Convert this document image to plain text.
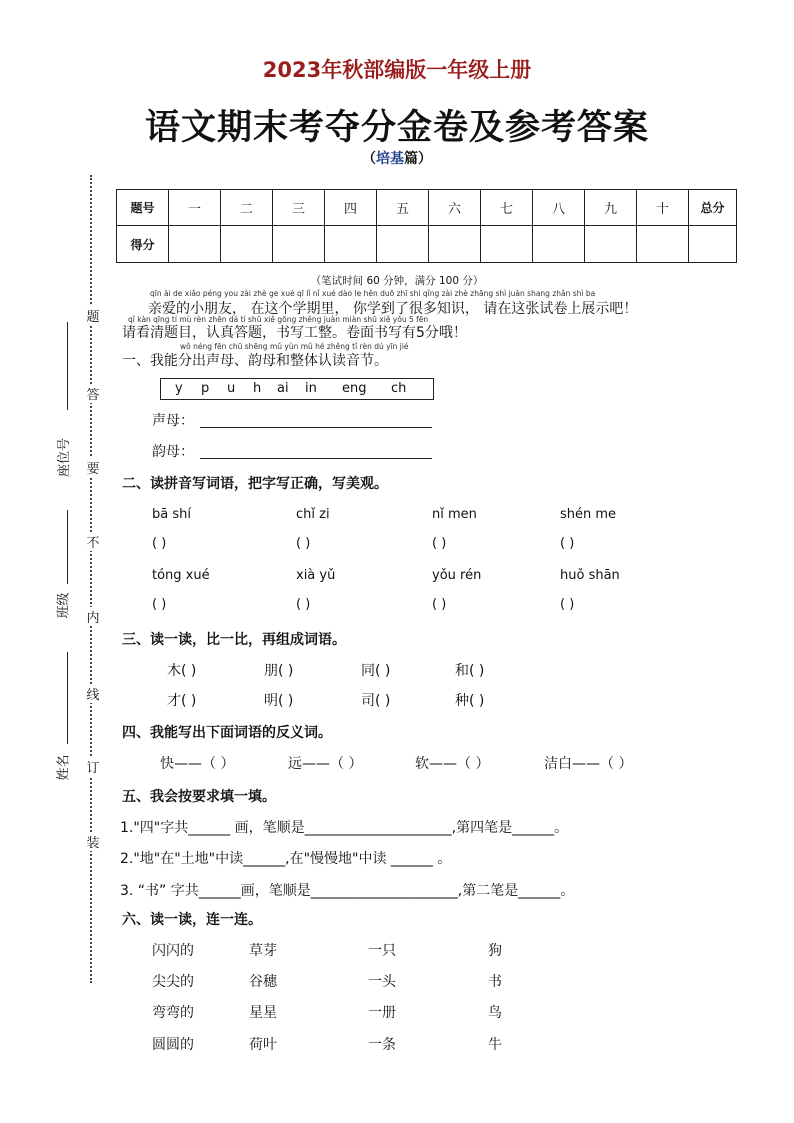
2023年秋部编版一年级上册
语文期末考夺分金卷及参考答案
（培基篇）
题号	一	二	三	四	五	六	七	八	九	十	总分
得分											
（笔试时间 60 分钟，满分 100 分）
qīn ài de xiǎo péng you zài zhè ge xué qī lǐ nǐ xué dào le hěn duō zhī shi qǐng zài zhè zhāng shì juàn shang zhǎn shì ba
亲爱的小朋友， 在这个学期里， 你学到了很多知识， 请在这张试卷上展示吧！
qǐ kàn qīng tí mù rèn zhēn dá tí shū xiě gōng zhěng juàn miàn shū xiě yǒu 5 fēn
请看清题目，认真答题，书写工整。卷面书写有5分哦！
题
答
要
不
内
线
订
装
座位号
班级
姓名
wǒ néng fēn chū shēng mǔ yùn mǔ hé zhěng tǐ rèn dú yīn jié
一、我能分出声母、韵母和整体认读音节。
y p u h ai in eng ch
声母：
韵母：
二、读拼音写词语，把字写正确，写美观。
bā shí	chǐ zi	nǐ men	shén me
( )	( )	( )	( )
tóng xué	xià yǔ	yǒu rén	huǒ shān
( )	( )	( )	( )
三、读一读，比一比，再组成词语。
木( )	朋( )	同( )	和( )
才( )	明( )	司( )	种( )
四、我能写出下面词语的反义词。
快——（ ）	远——（ ）	软——（ ）	洁白——（ ）
五、我会按要求填一填。
1."四"字共______ 画，笔顺是_____________________,第四笔是______。
2."地"在"土地"中读______,在"慢慢地"中读 ______ 。
3. “书” 字共______画，笔顺是_____________________,第二笔是______。
六、读一读，连一连。
闪闪的	草芽	一只	狗
尖尖的	谷穗	一头	书
弯弯的	星星	一册	鸟
圆圆的	荷叶	一条	牛
